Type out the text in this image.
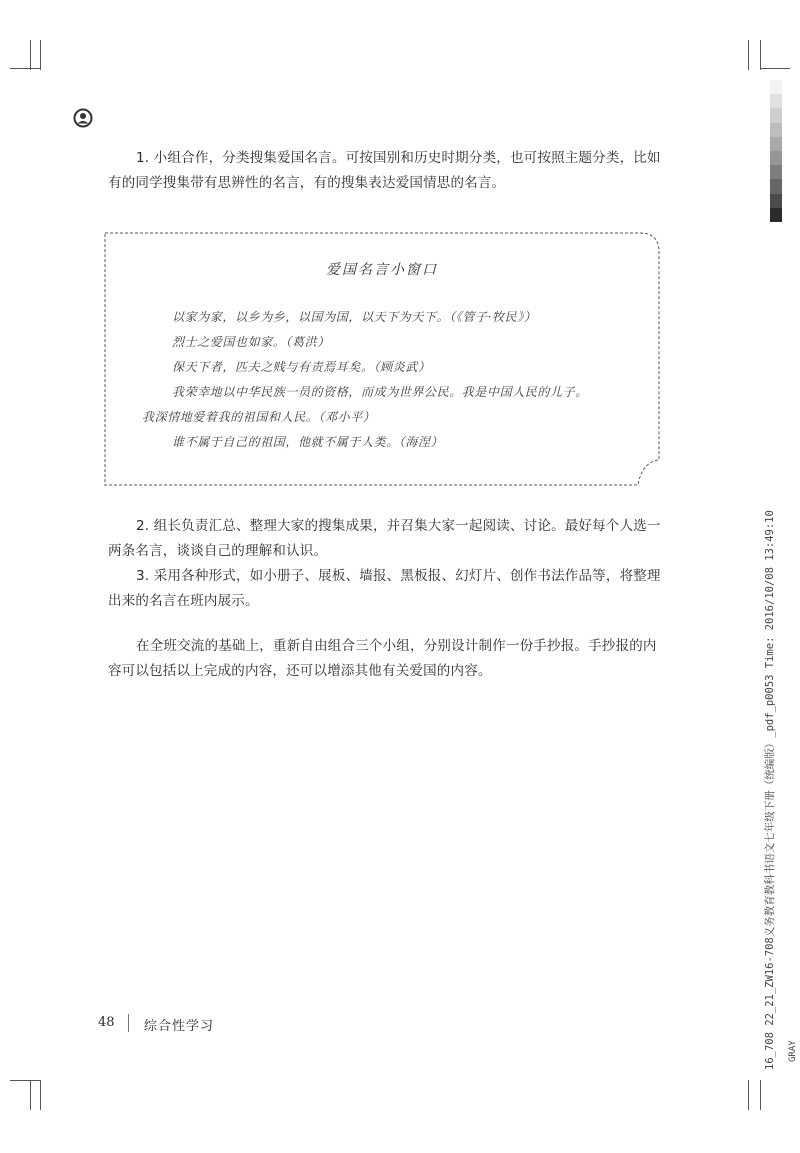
1. 小组合作，分类搜集爱国名言。可按国别和历史时期分类，也可按照主题分类，比如有的同学搜集带有思辨性的名言，有的搜集表达爱国情思的名言。

爱国名言小窗口
以家为家，以乡为乡，以国为国，以天下为天下。（《管子·牧民》）
烈士之爱国也如家。（葛洪）
保天下者，匹夫之贱与有责焉耳矣。（顾炎武）
我荣幸地以中华民族一员的资格，而成为世界公民。我是中国人民的儿子。
我深情地爱着我的祖国和人民。（邓小平）
谁不属于自己的祖国，他就不属于人类。（海涅）

2. 组长负责汇总、整理大家的搜集成果，并召集大家一起阅读、讨论。最好每个人选一两条名言，谈谈自己的理解和认识。

3. 采用各种形式，如小册子、展板、墙报、黑板报、幻灯片、创作书法作品等，将整理出来的名言在班内展示。

在全班交流的基础上，重新自由组合三个小组，分别设计制作一份手抄报。手抄报的内容可以包括以上完成的内容，还可以增添其他有关爱国的内容。

48 综合性学习	16_708 22_21_ZW16-708义务教育教科书语文七年级下册（统编版）_pdf_p0053 Time: 2016/10/08 13:49:10 GRAY
